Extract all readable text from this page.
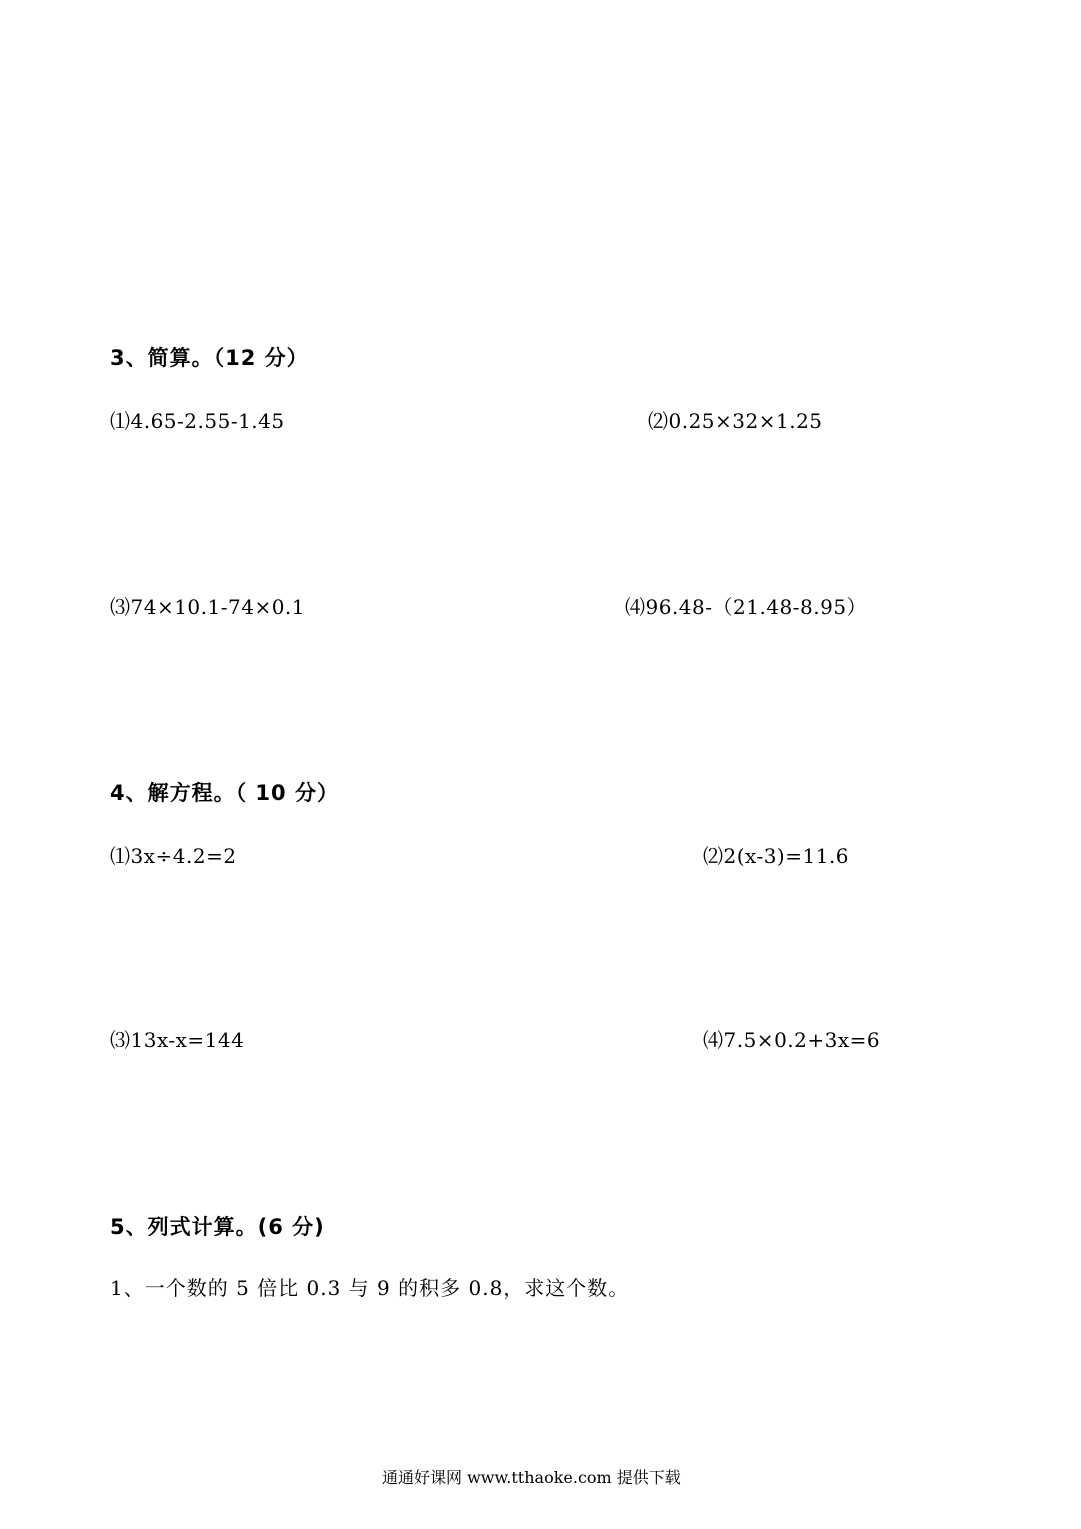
3、简算。（12 分）
⑴4.65-2.55-1.45	⑵0.25×32×1.25
⑶74×10.1-74×0.1	⑷96.48-（21.48-8.95）
4、解方程。（ 10 分）
⑴3x÷4.2=2	⑵2(x-3)=11.6
⑶13x-x=144	⑷7.5×0.2+3x=6
5、列式计算。(6 分)
1、一个数的 5 倍比 0.3 与 9 的积多 0.8，求这个数。
通通好课网 www.tthaoke.com 提供下载
